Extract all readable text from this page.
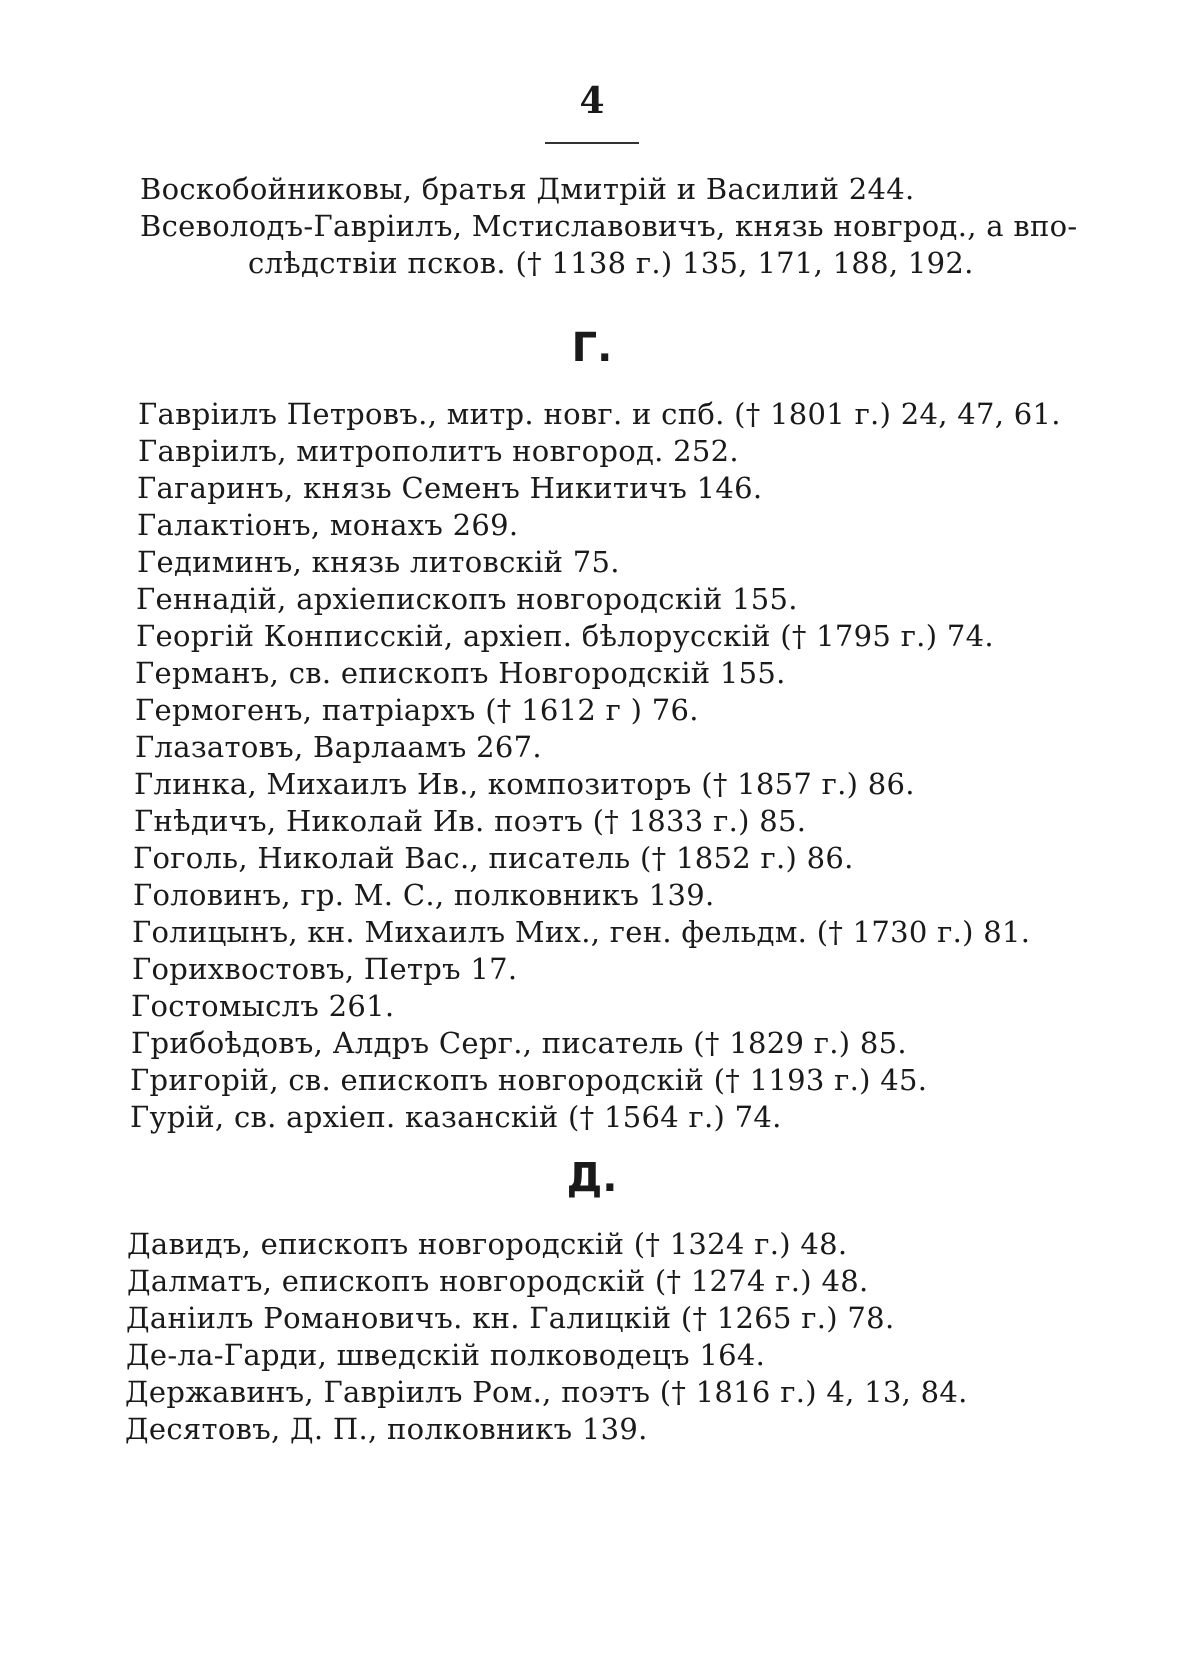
4
Воскобойниковы, братья Дмитрій и Василий 244.
Всеволодъ-Гавріилъ, Мстиславовичъ, князь новгрод., а впо-
слѣдствіи псков. († 1138 г.) 135, 171, 188, 192.
Г.
Гавріилъ Петровъ., митр. новг. и спб. († 1801 г.) 24, 47, 61.
Гавріилъ, митрополитъ новгород. 252.
Гагаринъ, князь Семенъ Никитичъ 146.
Галактіонъ, монахъ 269.
Гедиминъ, князь литовскій 75.
Геннадій, архіепископъ новгородскій 155.
Георгій Конписскій, архіеп. бѣлорусскій († 1795 г.) 74.
Германъ, св. епископъ Новгородскій 155.
Гермогенъ, патріархъ († 1612 г ) 76.
Глазатовъ, Варлаамъ 267.
Глинка, Михаилъ Ив., композиторъ († 1857 г.) 86.
Гнѣдичъ, Николай Ив. поэтъ († 1833 г.) 85.
Гоголь, Николай Вас., писатель († 1852 г.) 86.
Головинъ, гр. М. С., полковникъ 139.
Голицынъ, кн. Михаилъ Мих., ген. фельдм. († 1730 г.) 81.
Горихвостовъ, Петръ 17.
Гостомыслъ 261.
Грибоѣдовъ, Алдръ Серг., писатель († 1829 г.) 85.
Григорій, св. епископъ новгородскій († 1193 г.) 45.
Гурій, св. архіеп. казанскій († 1564 г.) 74.
Д.
Давидъ, епископъ новгородскій († 1324 г.) 48.
Далматъ, епископъ новгородскій († 1274 г.) 48.
Даніилъ Романовичъ. кн. Галицкій († 1265 г.) 78.
Де-ла-Гарди, шведскій полководецъ 164.
Державинъ, Гавріилъ Ром., поэтъ († 1816 г.) 4, 13, 84.
Десятовъ, Д. П., полковникъ 139.
